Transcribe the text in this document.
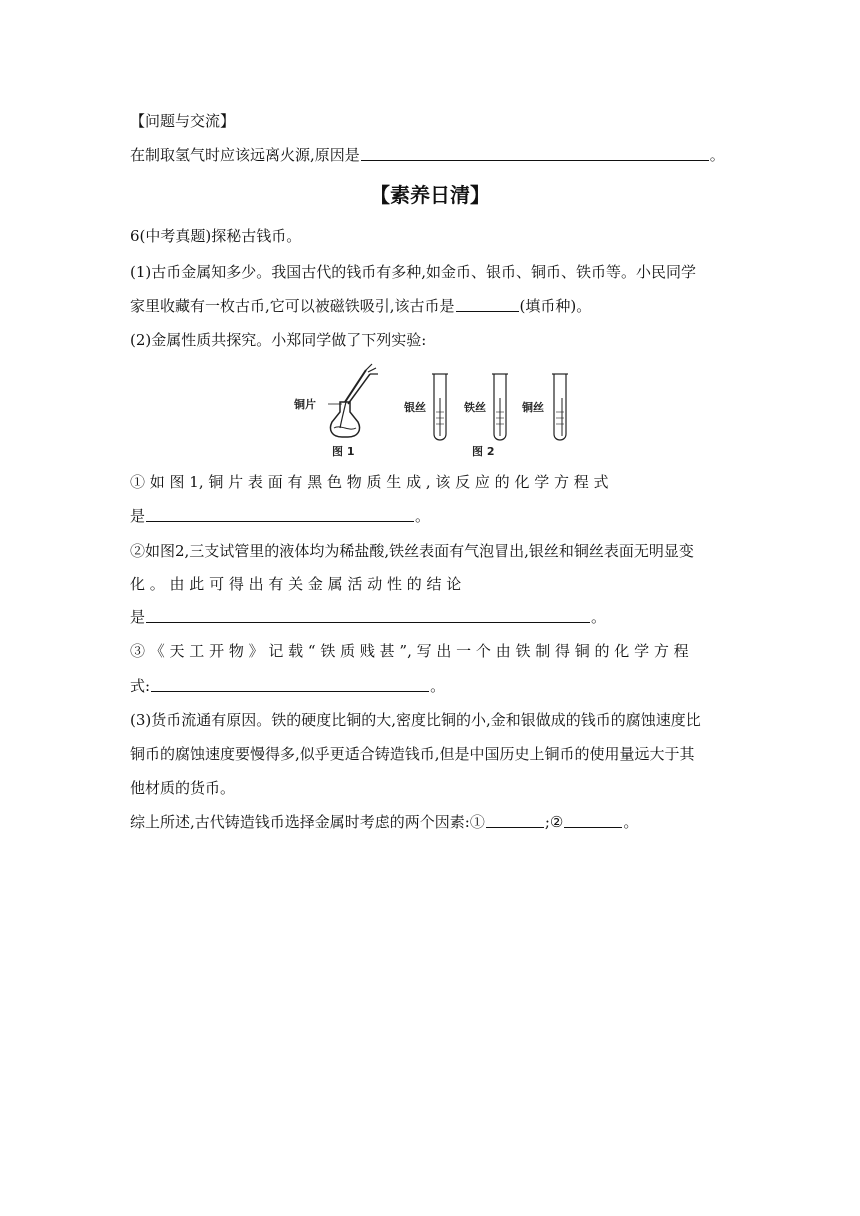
【问题与交流】
在制取氢气时应该远离火源,原因是	。
【素养日清】
6(中考真题)探秘古钱币。
(1)古币金属知多少。我国古代的钱币有多种,如金币、银币、铜币、铁币等。小民同学
家里收藏有一枚古币,它可以被磁铁吸引,该古币是	(填币种)。
(2)金属性质共探究。小郑同学做了下列实验:
铜片
图 1
银丝	铁丝	铜丝
图 2
① 如 图 1, 铜 片 表 面 有 黑 色 物 质 生 成 , 该 反 应 的 化 学 方 程 式
是	。
②如图2,三支试管里的液体均为稀盐酸,铁丝表面有气泡冒出,银丝和铜丝表面无明显变
化 。 由 此 可 得 出 有 关 金 属 活 动 性 的 结 论
是	。
③ 《 天 工 开 物 》 记 载 “ 铁 质 贱 甚 ”, 写 出 一 个 由 铁 制 得 铜 的 化 学 方 程
式:	。
(3)货币流通有原因。铁的硬度比铜的大,密度比铜的小,金和银做成的钱币的腐蚀速度比
铜币的腐蚀速度要慢得多,似乎更适合铸造钱币,但是中国历史上铜币的使用量远大于其
他材质的货币。
综上所述,古代铸造钱币选择金属时考虑的两个因素:①	;②	。
